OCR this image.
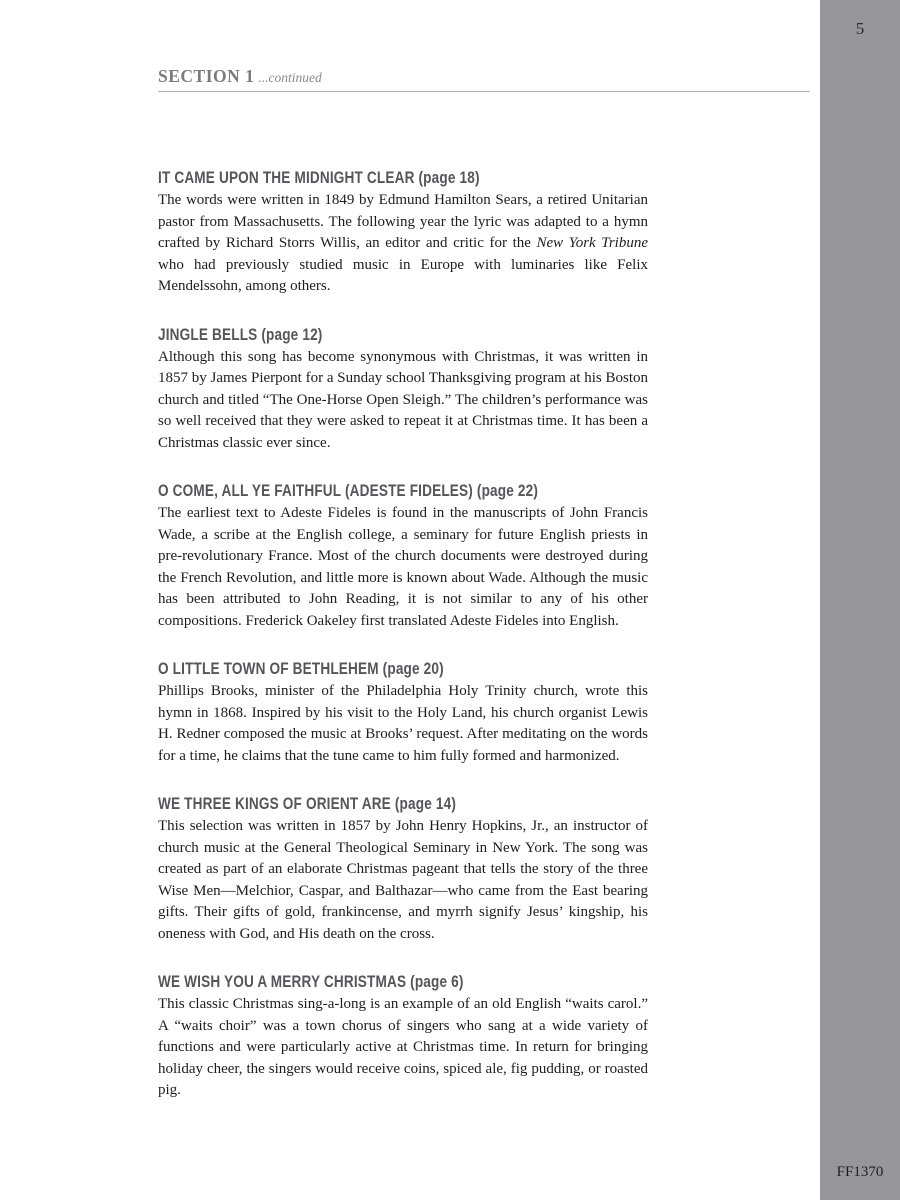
5
FF1370
SECTION 1 ...continued
IT CAME UPON THE MIDNIGHT CLEAR (page 18)

The words were written in 1849 by Edmund Hamilton Sears, a retired Unitarian pastor from Massachusetts. The following year the lyric was adapted to a hymn crafted by Richard Storrs Willis, an editor and critic for the New York Tribune who had previously studied music in Europe with luminaries like Felix Mendelssohn, among others.

JINGLE BELLS (page 12)

Although this song has become synonymous with Christmas, it was written in 1857 by James Pierpont for a Sunday school Thanksgiving program at his Boston church and titled “The One-Horse Open Sleigh.” The children’s performance was so well received that they were asked to repeat it at Christmas time. It has been a Christmas classic ever since.

O COME, ALL YE FAITHFUL (ADESTE FIDELES) (page 22)

The earliest text to Adeste Fideles is found in the manuscripts of John Francis Wade, a scribe at the English college, a seminary for future English priests in pre-revolutionary France. Most of the church documents were destroyed during the French Revolution, and little more is known about Wade. Although the music has been attributed to John Reading, it is not similar to any of his other compositions. Frederick Oakeley first translated Adeste Fideles into English.

O LITTLE TOWN OF BETHLEHEM (page 20)

Phillips Brooks, minister of the Philadelphia Holy Trinity church, wrote this hymn in 1868. Inspired by his visit to the Holy Land, his church organist Lewis H. Redner composed the music at Brooks’ request. After meditating on the words for a time, he claims that the tune came to him fully formed and harmonized.

WE THREE KINGS OF ORIENT ARE (page 14)

This selection was written in 1857 by John Henry Hopkins, Jr., an instructor of church music at the General Theological Seminary in New York. The song was created as part of an elaborate Christmas pageant that tells the story of the three Wise Men—Melchior, Caspar, and Balthazar—who came from the East bearing gifts. Their gifts of gold, frankincense, and myrrh signify Jesus’ kingship, his oneness with God, and His death on the cross.

WE WISH YOU A MERRY CHRISTMAS (page 6)

This classic Christmas sing-a-long is an example of an old English “waits carol.” A “waits choir” was a town chorus of singers who sang at a wide variety of functions and were particularly active at Christmas time. In return for bringing holiday cheer, the singers would receive coins, spiced ale, fig pudding, or roasted pig.
